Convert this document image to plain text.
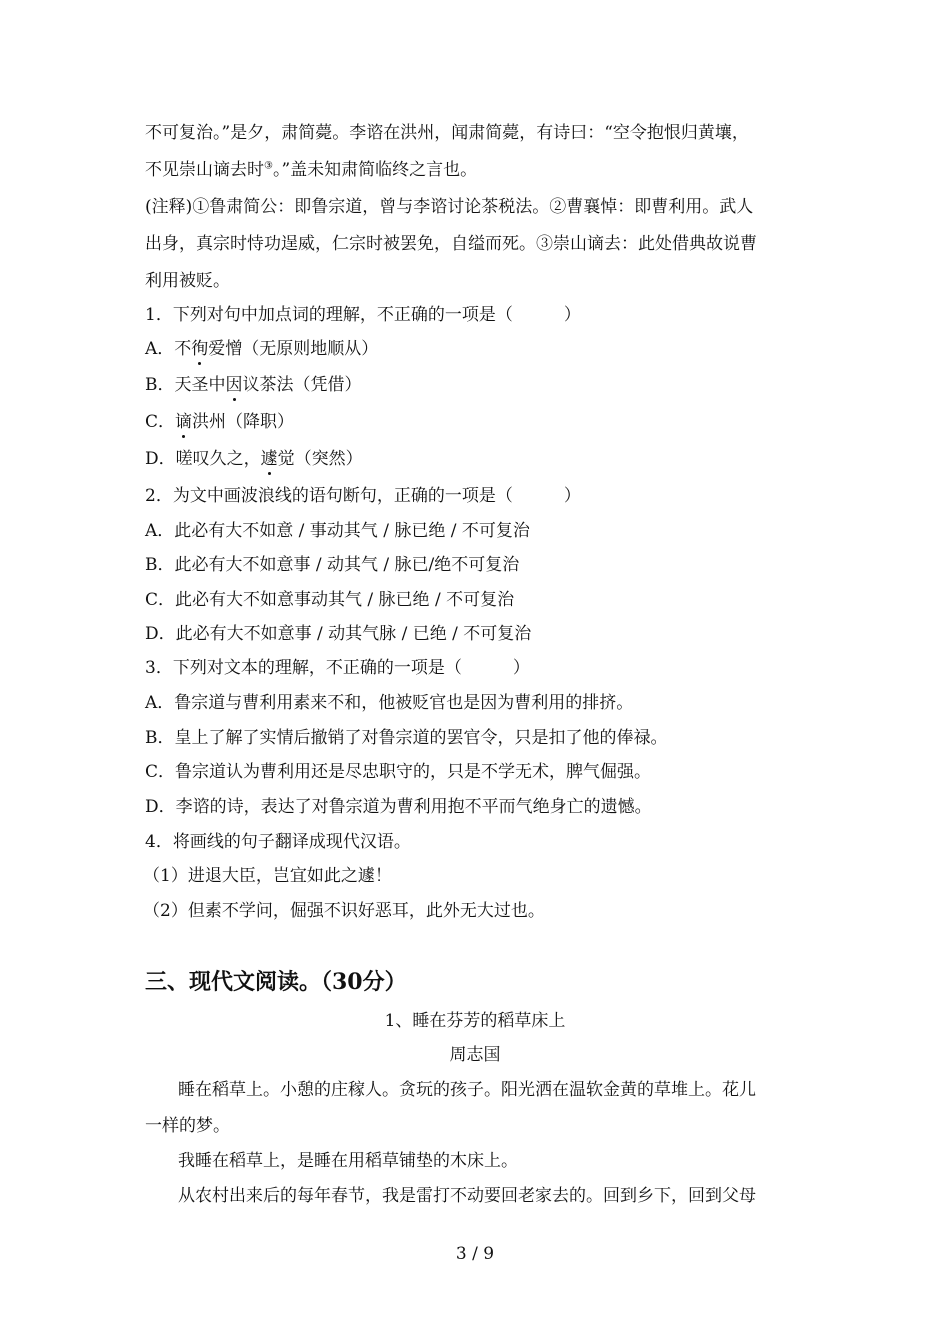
不可复治。”是夕，肃简薨。李谘在洪州，闻肃简薨，有诗曰：“空令抱恨归黄壤，
不见崇山谪去时③。”盖未知肃简临终之言也。
(注释)①鲁肃简公：即鲁宗道，曾与李谘讨论茶税法。②曹襄悼：即曹利用。武人
出身，真宗时恃功逞威，仁宗时被罢免，自缢而死。③崇山谪去：此处借典故说曹
利用被贬。
1．下列对句中加点词的理解，不正确的一项是（　　　）
A．不徇爱憎（无原则地顺从）
B．天圣中因议茶法（凭借）
C．谪洪州（降职）
D．嗟叹久之，遽觉（突然）
2．为文中画波浪线的语句断句，正确的一项是（　　　）
A．此必有大不如意 / 事动其气 / 脉已绝 / 不可复治
B．此必有大不如意事 / 动其气 / 脉已/绝不可复治
C．此必有大不如意事动其气 / 脉已绝 / 不可复治
D．此必有大不如意事 / 动其气脉 / 已绝 / 不可复治
3．下列对文本的理解，不正确的一项是（　　　）
A．鲁宗道与曹利用素来不和，他被贬官也是因为曹利用的排挤。
B．皇上了解了实情后撤销了对鲁宗道的罢官令，只是扣了他的俸禄。
C．鲁宗道认为曹利用还是尽忠职守的，只是不学无术，脾气倔强。
D．李谘的诗，表达了对鲁宗道为曹利用抱不平而气绝身亡的遗憾。
4．将画线的句子翻译成现代汉语。
（1）进退大臣，岂宜如此之遽！
（2）但素不学问，倔强不识好恶耳，此外无大过也。
三、现代文阅读。（30分）
1、睡在芬芳的稻草床上
周志国
睡在稻草上。小憩的庄稼人。贪玩的孩子。阳光洒在温软金黄的草堆上。花儿
一样的梦。
我睡在稻草上，是睡在用稻草铺垫的木床上。
从农村出来后的每年春节，我是雷打不动要回老家去的。回到乡下，回到父母
3 / 9
